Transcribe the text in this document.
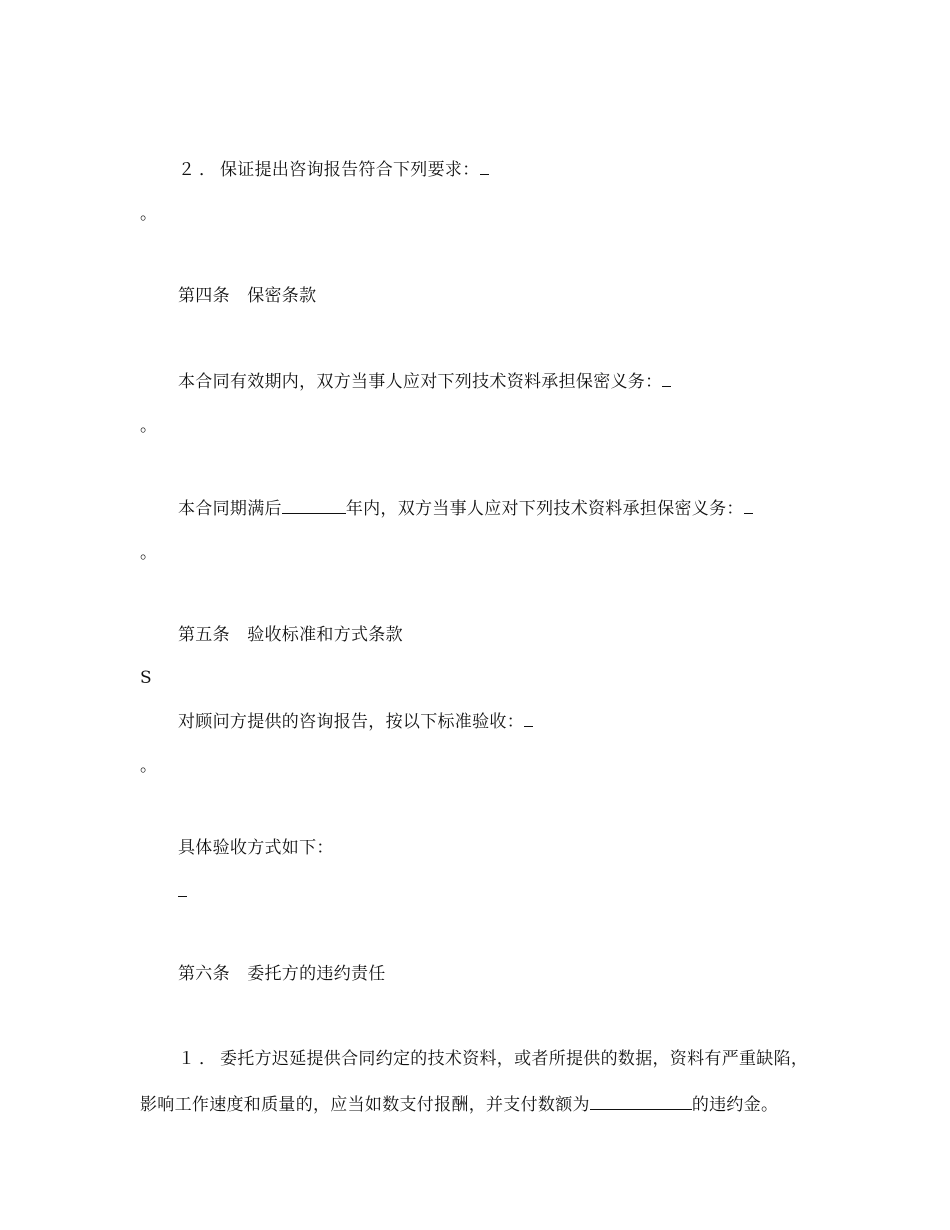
２．保证提出咨询报告符合下列要求：
。
第四条　保密条款
本合同有效期内，双方当事人应对下列技术资料承担保密义务：
。
本合同期满后	年内，双方当事人应对下列技术资料承担保密义务：
。
第五条　验收标准和方式条款
S
对顾问方提供的咨询报告，按以下标准验收：
。
具体验收方式如下：
第六条　委托方的违约责任
１．委托方迟延提供合同约定的技术资料，或者所提供的数据，资料有严重缺陷，
影响工作速度和质量的，应当如数支付报酬，并支付数额为	的违约金。
